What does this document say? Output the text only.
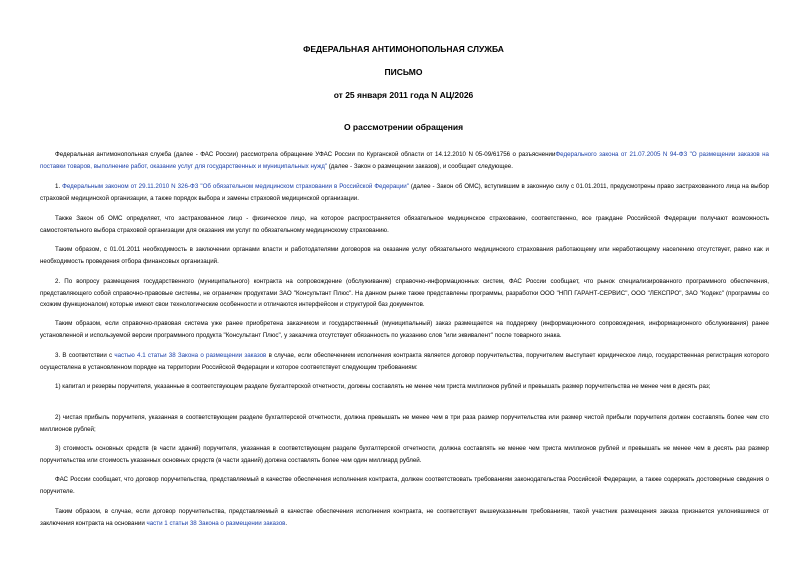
ФЕДЕРАЛЬНАЯ АНТИМОНОПОЛЬНАЯ СЛУЖБА
ПИСЬМО
от 25 января 2011 года N АЦ/2026
О рассмотрении обращения
Федеральная антимонопольная служба (далее - ФАС России) рассмотрела обращение УФАС России по Курганской области от 14.12.2010 N 05-09/61756 о разъясненииФедерального закона от 21.07.2005 N 94-ФЗ "О размещении заказов на поставки товаров, выполнение работ, оказание услуг для государственных и муниципальных нужд" (далее - Закон о размещении заказов), и сообщает следующее.
1. Федеральным законом от 29.11.2010 N 326-ФЗ "Об обязательном медицинском страховании в Российской Федерации" (далее - Закон об ОМС), вступившим в законную силу с 01.01.2011, предусмотрены право застрахованного лица на выбор страховой медицинской организации, а также порядок выбора и замены страховой медицинской организации.
Также Закон об ОМС определяет, что застрахованное лицо - физическое лицо, на которое распространяется обязательное медицинское страхование, соответственно, все граждане Российской Федерации получают возможность самостоятельного выбора страховой организации для оказания им услуг по обязательному медицинскому страхованию.
Таким образом, с 01.01.2011 необходимость в заключении органами власти и работодателями договоров на оказание услуг обязательного медицинского страхования работающему или неработающему населению отсутствует, равно как и необходимость проведения отбора финансовых организаций.
2. По вопросу размещения государственного (муниципального) контракта на сопровождение (обслуживание) справочно-информационных систем, ФАС России сообщает, что рынок специализированного программного обеспечения, представляющего собой справочно-правовые системы, не ограничен продуктами ЗАО "Консультант Плюс". На данном рынке также представлены программы, разработки ООО "НПП ГАРАНТ-СЕРВИС", ООО "ЛЕКСПРО", ЗАО "Кодекс" (программы со схожим функционалом) которые имеют свои технологические особенности и отличаются интерфейсом и структурой баз документов.
Таким образом, если справочно-правовая система уже ранее приобретена заказчиком и государственный (муниципальный) заказ размещается на поддержку (информационного сопровождения, информационного обслуживания) ранее установленной и используемой версии программного продукта "Консультант Плюс", у заказчика отсутствует обязанность по указанию слов "или эквивалент" после товарного знака.
3. В соответствии с частью 4.1 статьи 38 Закона о размещении заказов в случае, если обеспечением исполнения контракта является договор поручительства, поручителем выступает юридическое лицо, государственная регистрация которого осуществлена в установленном порядке на территории Российской Федерации и которое соответствует следующим требованиям:
1) капитал и резервы поручителя, указанные в соответствующем разделе бухгалтерской отчетности, должны составлять не менее чем триста миллионов рублей и превышать размер поручительства не менее чем в десять раз;
2) чистая прибыль поручителя, указанная в соответствующем разделе бухгалтерской отчетности, должна превышать не менее чем в три раза размер поручительства или размер чистой прибыли поручителя должен составлять более чем сто миллионов рублей;
3) стоимость основных средств (в части зданий) поручителя, указанная в соответствующем разделе бухгалтерской отчетности, должна составлять не менее чем триста миллионов рублей и превышать не менее чем в десять раз размер поручительства или стоимость указанных основных средств (в части зданий) должна составлять более чем один миллиард рублей.
ФАС России сообщает, что договор поручительства, представляемый в качестве обеспечения исполнения контракта, должен соответствовать требованиям законодательства Российской Федерации, а также содержать достоверные сведения о поручителе.
Таким образом, в случае, если договор поручительства, представляемый в качестве обеспечения исполнения контракта, не соответствует вышеуказанным требованиям, такой участник размещения заказа признается уклонившимся от заключения контракта на основании части 1 статьи 38 Закона о размещении заказов.
